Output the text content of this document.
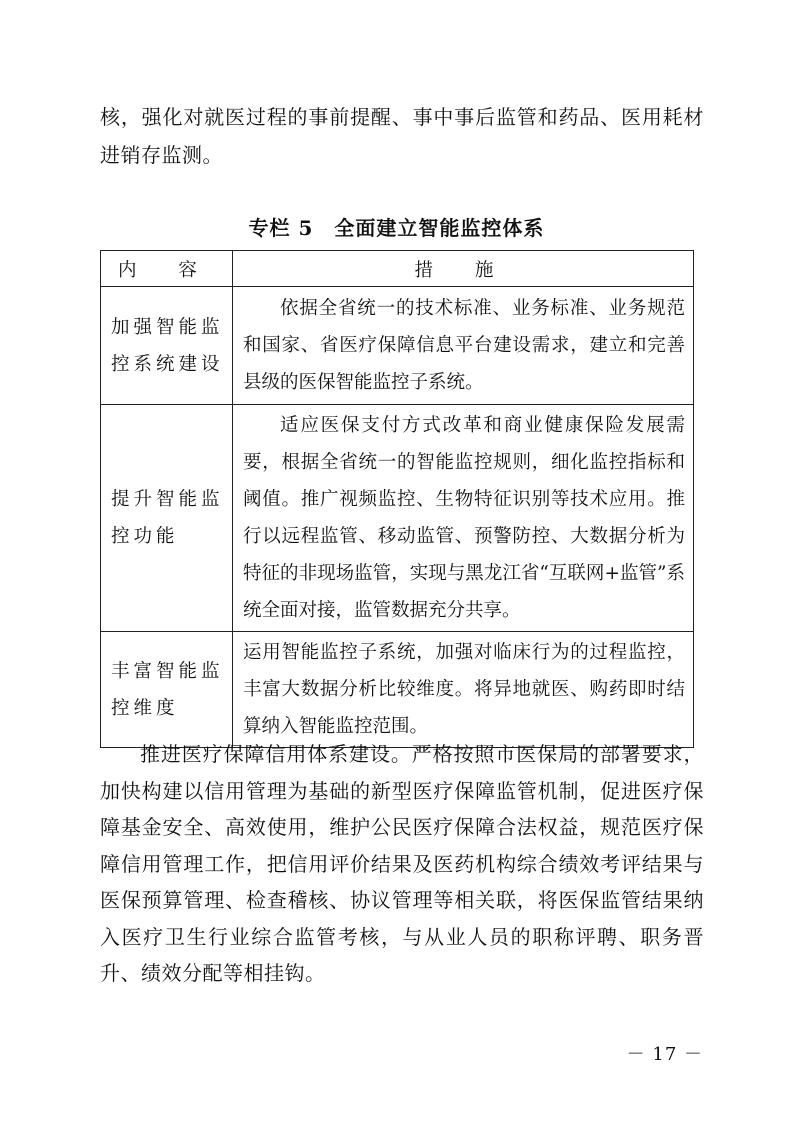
核，强化对就医过程的事前提醒、事中事后监管和药品、医用耗材进销存监测。

专栏 5　全面建立智能监控体系

内 容	措 施
加强智能监控系统建设	依据全省统一的技术标准、业务标准、业务规范和国家、省医疗保障信息平台建设需求，建立和完善县级的医保智能监控子系统。
提升智能监控功能	适应医保支付方式改革和商业健康保险发展需要，根据全省统一的智能监控规则，细化监控指标和阈值。推广视频监控、生物特征识别等技术应用。推行以远程监管、移动监管、预警防控、大数据分析为特征的非现场监管，实现与黑龙江省“互联网+监管”系统全面对接，监管数据充分共享。
丰富智能监控维度	运用智能监控子系统，加强对临床行为的过程监控，丰富大数据分析比较维度。将异地就医、购药即时结算纳入智能监控范围。

推进医疗保障信用体系建设。严格按照市医保局的部署要求，加快构建以信用管理为基础的新型医疗保障监管机制，促进医疗保障基金安全、高效使用，维护公民医疗保障合法权益，规范医疗保障信用管理工作，把信用评价结果及医药机构综合绩效考评结果与医保预算管理、检查稽核、协议管理等相关联，将医保监管结果纳入医疗卫生行业综合监管考核，与从业人员的职称评聘、职务晋升、绩效分配等相挂钩。

－ 17 －
